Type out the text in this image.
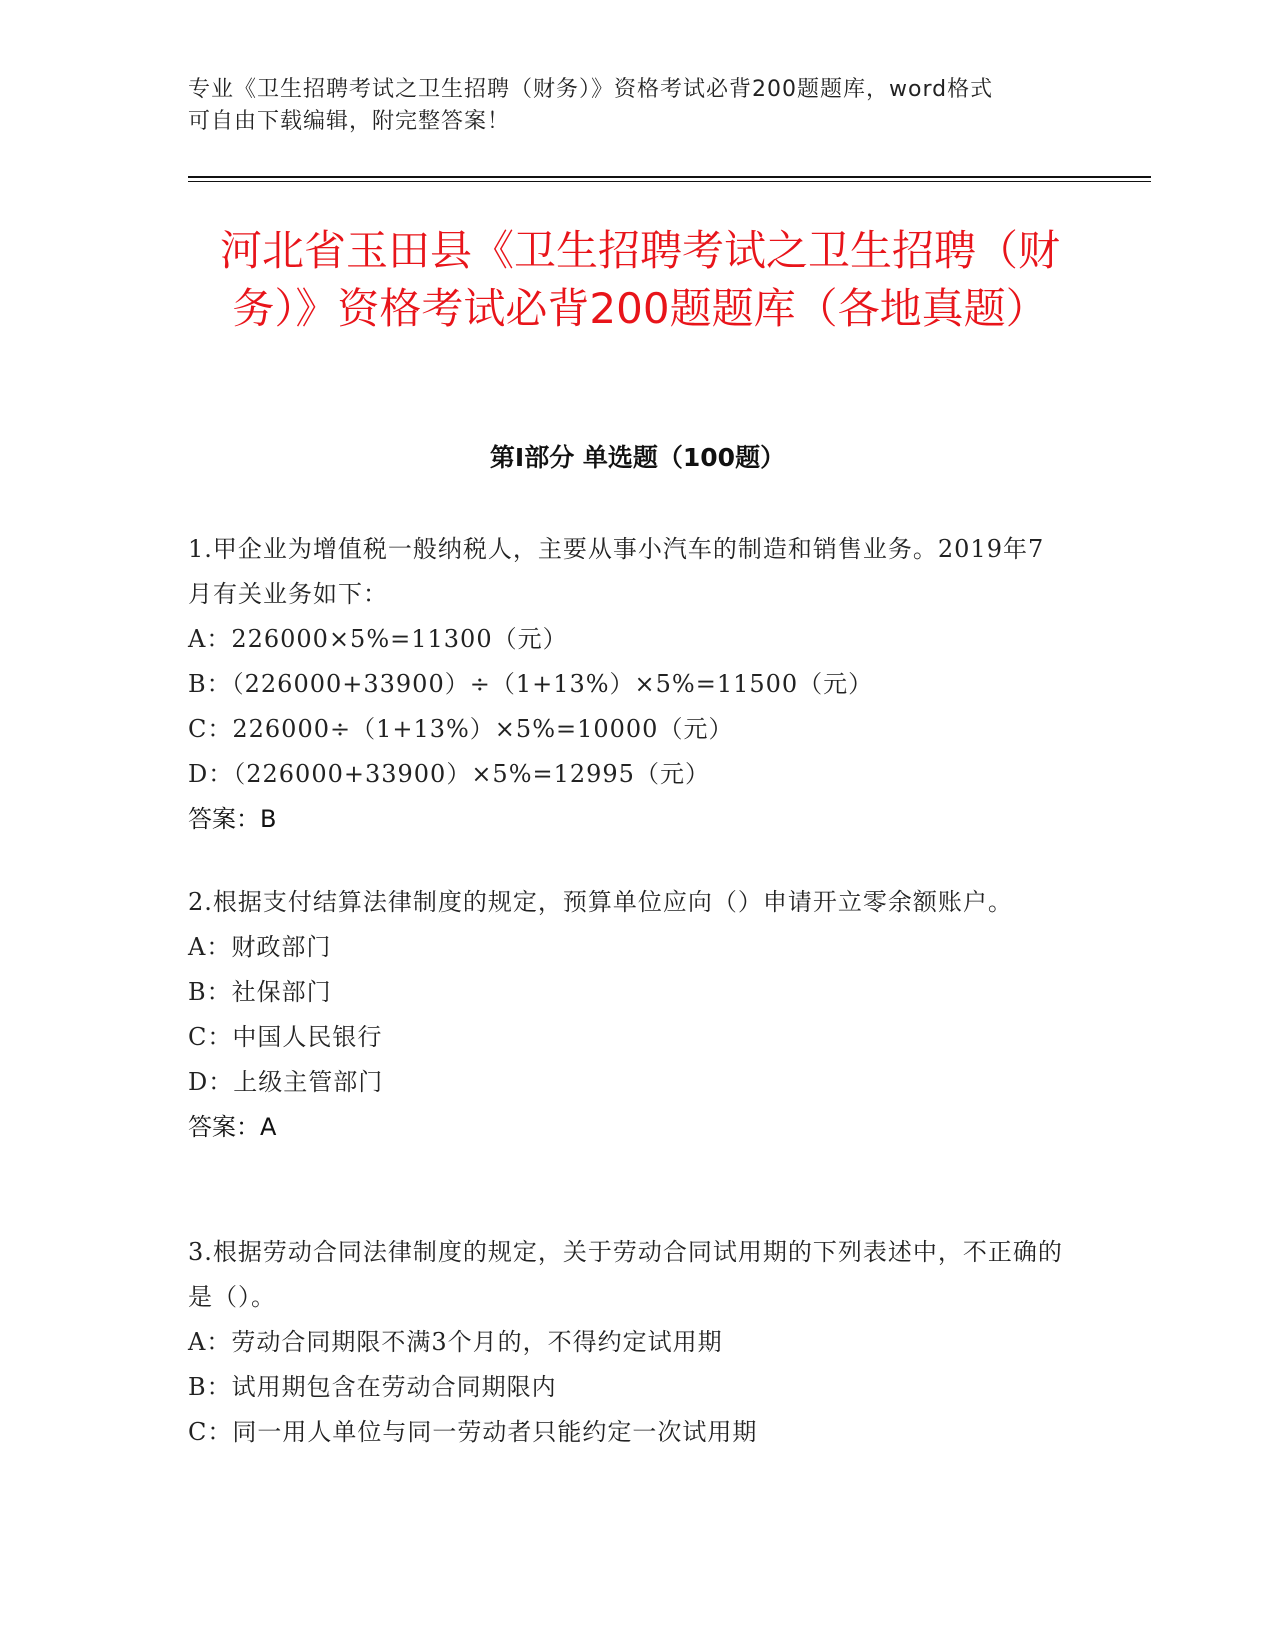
专业《卫生招聘考试之卫生招聘（财务）》资格考试必背200题题库，word格式
可自由下载编辑，附完整答案！
河北省玉田县《卫生招聘考试之卫生招聘（财务）》资格考试必背200题题库（各地真题）
第Ⅰ部分 单选题（100题）
1.甲企业为增值税一般纳税人，主要从事小汽车的制造和销售业务。2019年7月有关业务如下：
A：226000×5%=11300（元）
B：（226000+33900）÷（1+13%）×5%=11500（元）
C：226000÷（1+13%）×5%=10000（元）
D：（226000+33900）×5%=12995（元）
答案：B
2.根据支付结算法律制度的规定，预算单位应向（）申请开立零余额账户。
A：财政部门
B：社保部门
C：中国人民银行
D：上级主管部门
答案：A
3.根据劳动合同法律制度的规定，关于劳动合同试用期的下列表述中，不正确的是（）。
A：劳动合同期限不满3个月的，不得约定试用期
B：试用期包含在劳动合同期限内
C：同一用人单位与同一劳动者只能约定一次试用期
